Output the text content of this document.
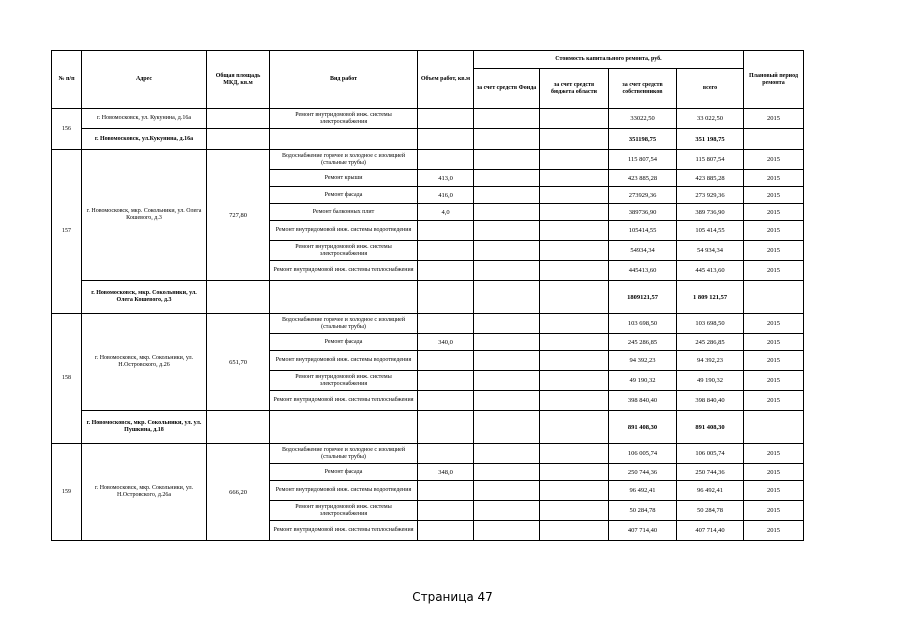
№ п/п	Адрес	Общая площадь МКД, кв.м	Вид работ	Объем работ, кв.м	Стоимость капитального ремонта, руб.				Плановый период ремонта
					за счет средств Фонда	за счет средств бюджета области	за счет средств собственников	всего	
156	г. Новомосковск, ул. Кукунина, д.16а		Ремонт внутридомовой инж. системы электроснабжения				33022,50	33 022,50	2015
	г. Новомосковск, ул.Кукунина, д.16а						351198,75	351 198,75	
157	г. Новомосковск, мкр. Сокольники, ул. Олега Кошевого, д.3	727,80	Водоснабжение горячее и холодное с изоляцией (стальные трубы)				115 807,54	115 807,54	2015
			Ремонт крыши	413,0			423 885,28	423 885,28	2015
			Ремонт фасада	416,0			273929,36	273 929,36	2015
			Ремонт балконных плит	4,0			389736,90	389 736,90	2015
			Ремонт внутридомовой инж. системы водоотведения				105414,55	105 414,55	2015
			Ремонт внутридомовой инж. системы электроснабжения				54934,34	54 934,34	2015
			Ремонт внутридомовой инж. системы теплоснабжения				445413,60	445 413,60	2015
	г. Новомосковск, мкр. Сокольники, ул. Олега Кошевого, д.3						1809121,57	1 809 121,57	
158	г. Новомосковск, мкр. Сокольники, ул. Н.Островского, д.26	651,70	Водоснабжение горячее и холодное с изоляцией (стальные трубы)				103 698,50	103 698,50	2015
			Ремонт фасада	340,0			245 286,85	245 286,85	2015
			Ремонт внутридомовой инж. системы водоотведения				94 392,23	94 392,23	2015
			Ремонт внутридомовой инж. системы электроснабжения				49 190,32	49 190,32	2015
			Ремонт внутридомовой инж. системы теплоснабжения				398 840,40	398 840,40	2015
	г. Новомосковск, мкр. Сокольники, ул. ул. Пушкина, д.18						891 408,30	891 408,30	
159	г. Новомосковск, мкр. Сокольники, ул. Н.Островского, д.26а	666,20	Водоснабжение горячее и холодное с изоляцией (стальные трубы)				106 005,74	106 005,74	2015
			Ремонт фасада	348,0			250 744,36	250 744,36	2015
			Ремонт внутридомовой инж. системы водоотведения				96 492,41	96 492,41	2015
			Ремонт внутридомовой инж. системы электроснабжения				50 284,78	50 284,78	2015
			Ремонт внутридомовой инж. системы теплоснабжения				407 714,40	407 714,40	2015
Страница 47
